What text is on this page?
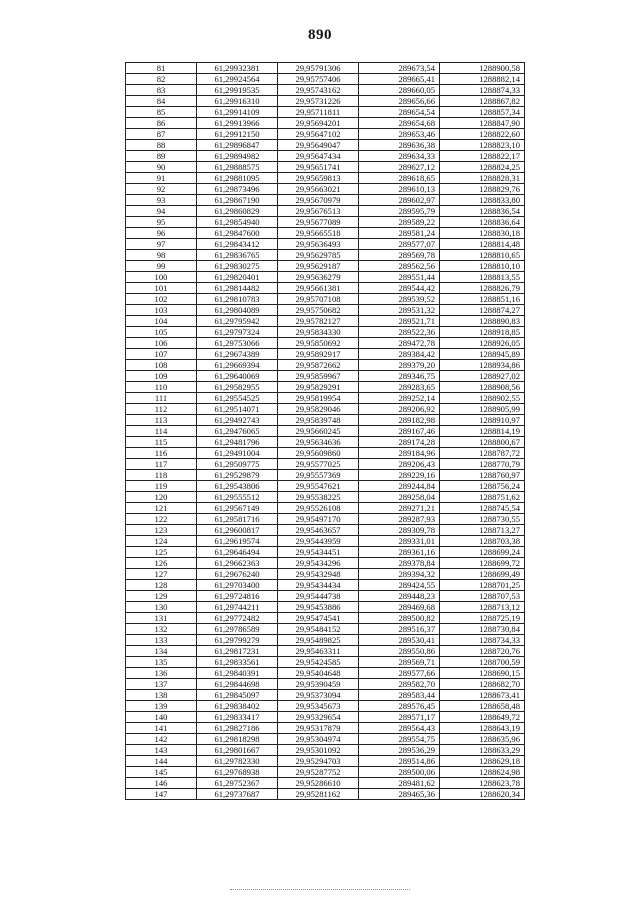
890
81	61,29932381	29,95791306	289673,54	1288900,58
82	61,29924564	29,95757406	289665,41	1288882,14
83	61,29919535	29,95743162	289660,05	1288874,33
84	61,29916310	29,95731226	289656,66	1288867,82
85	61,29914109	29,95711811	289654,54	1288857,34
86	61,29913966	29,95694201	289654,68	1288847,90
87	61,29912150	29,95647102	289653,46	1288822,60
88	61,29896847	29,95649047	289636,38	1288823,10
89	61,29894982	29,95647434	289634,33	1288822,17
90	61,29888575	29,95651741	289627,12	1288824,25
91	61,29881095	29,95659813	289618,65	1288828,31
92	61,29873496	29,95663021	289610,13	1288829,76
93	61,29867190	29,95670979	289602,97	1288833,80
94	61,29860829	29,95676513	289595,79	1288836,54
95	61,29854940	29,95677089	289589,22	1288836,64
96	61,29847600	29,95665518	289581,24	1288830,18
97	61,29843412	29,95636493	289577,07	1288814,48
98	61,29836765	29,95629785	289569,78	1288810,65
99	61,29830275	29,95629187	289562,56	1288810,10
100	61,29820401	29,95636279	289551,44	1288813,55
101	61,29814482	29,95661381	289544,42	1288826,79
102	61,29810783	29,95707108	289539,52	1288851,16
103	61,29804089	29,95750682	289531,32	1288874,27
104	61,29795942	29,95782127	289521,71	1288890,83
105	61,29797324	29,95834330	289522,36	1288918,85
106	61,29753066	29,95850692	289472,78	1288926,05
107	61,29674389	29,95892917	289384,42	1288945,89
108	61,29669394	29,95872662	289379,20	1288934,86
109	61,29640069	29,95859967	289346,75	1288927,02
110	61,29582955	29,95829291	289283,65	1288908,56
111	61,29554525	29,95819954	289252,14	1288902,55
112	61,29514071	29,95829046	289206,92	1288905,99
113	61,29492743	29,95839748	289182,98	1288910,97
114	61,29476065	29,95660245	289167,46	1288814,19
115	61,29481796	29,95634636	289174,28	1288800,67
116	61,29491004	29,95609860	289184,96	1288787,72
117	61,29509775	29,95577025	289206,43	1288770,79
118	61,29529879	29,95557369	289229,16	1288760,97
119	61,29543806	29,95547621	289244,84	1288756,24
120	61,29555512	29,95538225	289258,04	1288751,62
121	61,29567149	29,95526108	289271,21	1288745,54
122	61,29581716	29,95497170	289287,93	1288730,55
123	61,29600817	29,95463657	289309,78	1288713,27
124	61,29619574	29,95443959	289331,01	1288703,38
125	61,29646494	29,95434451	289361,16	1288699,24
126	61,29662363	29,95434296	289378,84	1288699,72
127	61,29676240	29,95432948	289394,32	1288699,49
128	61,29703400	29,95434434	289424,55	1288701,25
129	61,29724816	29,95444738	289448,23	1288707,53
130	61,29744211	29,95453886	289469,68	1288713,12
131	61,29772482	29,95474541	289500,82	1288725,19
132	61,29786589	29,95484152	289516,37	1288730,84
133	61,29799279	29,95489825	289530,41	1288734,33
134	61,29817231	29,95463311	289550,86	1288720,76
135	61,29833561	29,95424585	289569,71	1288700,59
136	61,29840391	29,95404648	289577,66	1288690,15
137	61,29844698	29,95390459	289582,70	1288682,70
138	61,29845097	29,95373094	289583,44	1288673,41
139	61,29838402	29,95345673	289576,45	1288658,48
140	61,29833417	29,95329654	289571,17	1288649,72
141	61,29827186	29,95317879	289564,43	1288643,19
142	61,29818298	29,95304974	289554,75	1288635,96
143	61,29801667	29,95301092	289536,29	1288633,29
144	61,29782330	29,95294703	289514,86	1288629,18
145	61,29768938	29,95287752	289500,06	1288624,98
146	61,29752367	29,95286610	289481,62	1288623,78
147	61,29737687	29,95281162	289465,36	1288620,34
